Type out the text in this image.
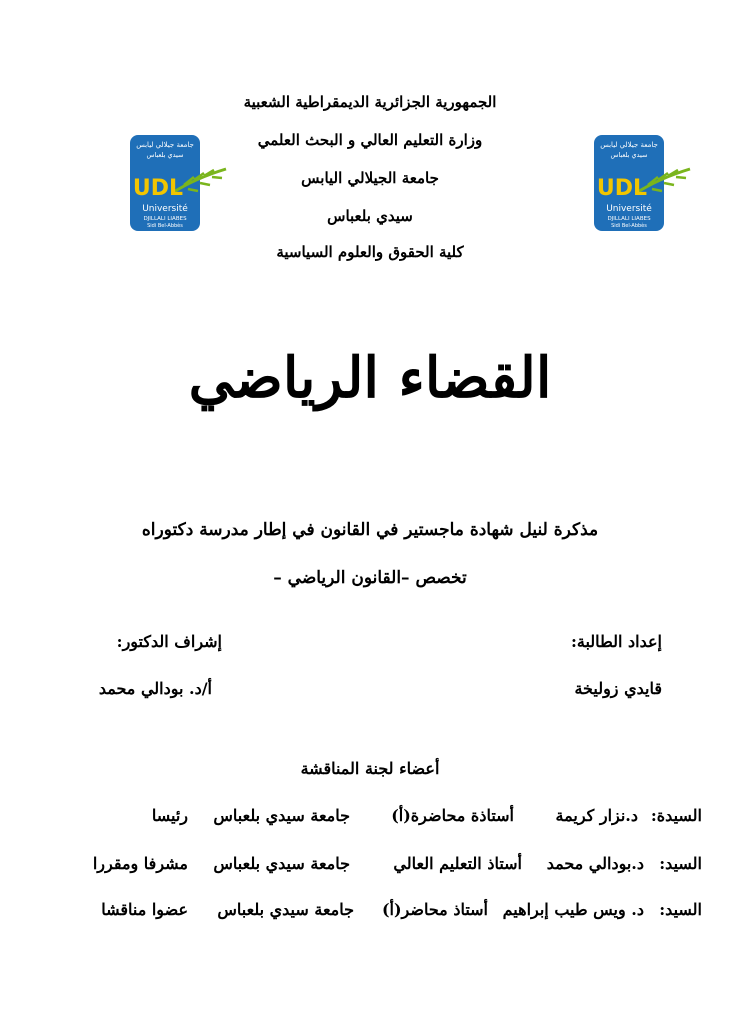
الجمهورية الجزائرية الديمقراطية الشعبية
وزارة التعليم العالي و البحث العلمي
جامعة الجيلالي اليابس
سيدي بلعباس
كلية الحقوق والعلوم السياسية
جامعة جيلالي ليابس
سيدي بلعباس
UDL
Université
DJILLALI LIABES
Sidi Bel-Abbès
جامعة جيلالي ليابس
سيدي بلعباس
UDL
Université
DJILLALI LIABES
Sidi Bel-Abbès
القضاء الرياضي
مذكرة لنيل شهادة ماجستير في القانون في إطار مدرسة دكتوراه
تخصص –القانون الرياضي –
إعداد الطالبة:
قايدي زوليخة
إشراف الدكتور:
أ/د. بودالي محمد
أعضاء لجنة المناقشة
السيدة:
د.نزار كريمة
أستاذة محاضرة(أ)
جامعة سيدي بلعباس
رئيسا
السيد:
د.بودالي محمد
أستاذ التعليم العالي
جامعة سيدي بلعباس
مشرفا ومقررا
السيد:
د. ويس طيب إبراهيم
أستاذ محاضر(أ)
جامعة سيدي بلعباس
عضوا مناقشا
